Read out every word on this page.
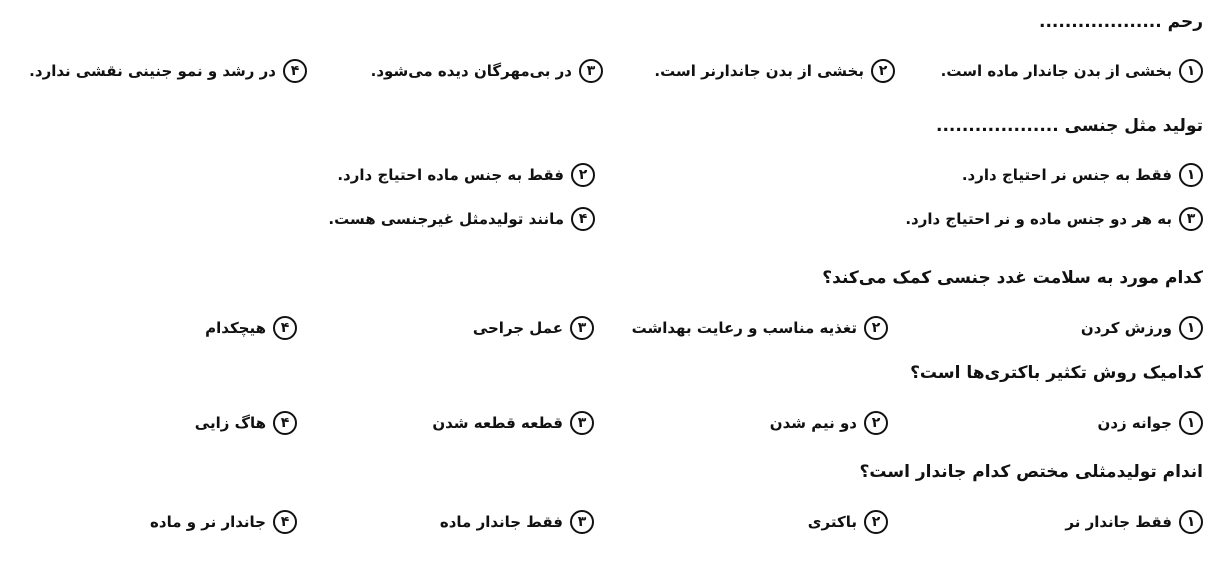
رحم ...................
١
بخشی از بدن جاندار ماده است.
٢
بخشی از بدن جاندارنر است.
٣
در بی‌مهرگان دیده می‌شود.
۴
در رشد و نمو جنینی نقشی ندارد.
تولید مثل جنسی ...................
١
فقط به جنس نر احتیاج دارد.
٢
فقط به جنس ماده احتیاج دارد.
٣
به هر دو جنس ماده و نر احتیاج دارد.
۴
مانند تولیدمثل غیرجنسی هست.
کدام مورد به سلامت غدد جنسی کمک می‌کند؟
١
ورزش کردن
٢
تغذیه مناسب و رعایت بهداشت
٣
عمل جراحی
۴
هیچکدام
کدامیک روش تکثیر باکتری‌ها است؟
١
جوانه زدن
٢
دو نیم شدن
٣
قطعه قطعه شدن
۴
هاگ زایی
اندام تولیدمثلی مختص کدام جاندار است؟
١
فقط جاندار نر
٢
باکتری
٣
فقط جاندار ماده
۴
جاندار نر و ماده
